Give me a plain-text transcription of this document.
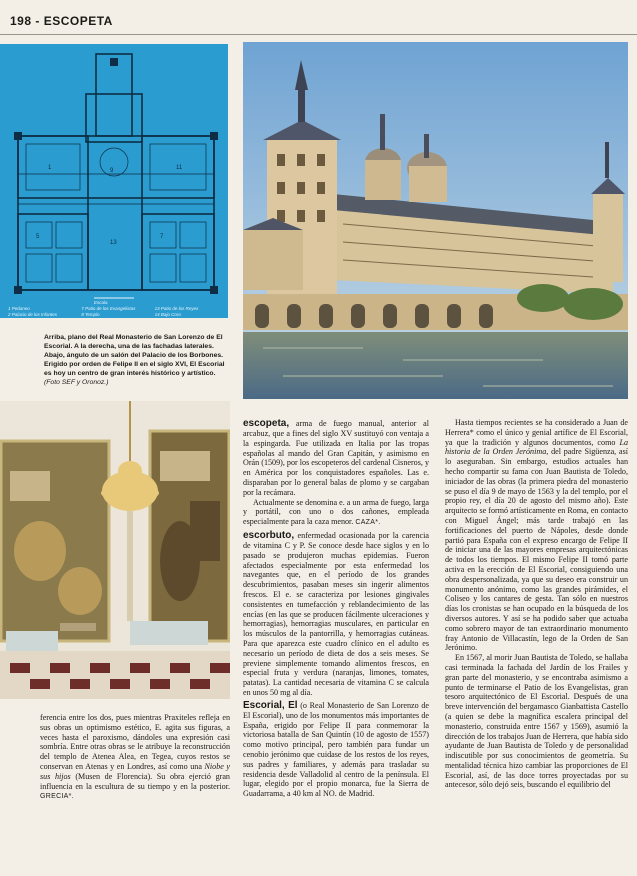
198 - ESCOPETA
9
1	11
13
5	7
Escala
1 Pedaneo
2 Palacio de los Infantes
7 Patio de los Evangelistas
8 Templo
13 Patio de los Reyes
14 Bajo Coro
Arriba, plano del Real Monasterio de San Lorenzo de El Escorial. A la derecha, una de las fachadas laterales. Abajo, ángulo de un salón del Palacio de los Borbones. Erigido por orden de Felipe II en el siglo XVI, El Escorial es hoy un centro de gran interés histórico y artístico. (Foto SEF y Oronoz.)

ferencia entre los dos, pues mientras Praxiteles refleja en sus obras un optimismo estético, E. agita sus figuras, a veces hasta el paroxismo, dándoles una expresión casi sombría. Entre otras obras se le atribuye la reconstrucción del templo de Atenea Alea, en Tegea, cuyos restos se conservan en Atenas y en Londres, así como una Niobe y sus hijos (Musen de Florencia). Su obra ejerció gran influencia en la escultura de su tiempo y en la posterior. GRECIA*.

escopeta, arma de fuego manual, anterior al arcabuz, que a fines del siglo XV sustituyó con ventaja a la espingarda. Fue utilizada en Italia por las tropas españolas al mando del Gran Capitán, y asimismo en Orán (1509), por los escopeteros del cardenal Cisneros, y en América por los conquistadores españoles. Las e. disparaban por lo general balas de plomo y se cargaban por la recámara.

Actualmente se denomina e. a un arma de fuego, larga y portátil, con uno o dos cañones, empleada especialmente para la caza menor. CAZA*.

escorbuto, enfermedad ocasionada por la carencia de vitamina C y P. Se conoce desde hace siglos y en lo pasado se produjeron muchas epidemias. Fueron afectados especialmente por esta enfermedad los navegantes que, en el período de los grandes descubrimientos, pasaban meses sin ingerir alimentos frescos. El e. se caracteriza por lesiones gingivales consistentes en tumefacción y reblandecimiento de las encías (en las que se producen fácilmente ulceraciones y hemorragias), hemorragias musculares, en particular en los músculos de la pantorrilla, y hemorragias cutáneas. Para que aparezca este cuadro clínico en el adulto es necesario un período de dieta de dos a seis meses. Se previene simplemente tomando alimentos frescos, en especial fruta y verdura (naranjas, limones, tomates, patatas). La cantidad necesaria de vitamina C se calcula en unos 50 mg al día.

Escorial, El (o Real Monasterio de San Lorenzo de El Escorial), uno de los monumentos más importantes de España, erigido por Felipe II para conmemorar la victoriosa batalla de San Quintín (10 de agosto de 1557) como motivo principal, pero también para fundar un cenobio jerónimo que cuidase de los restos de los reyes, sus padres y familiares, y además para trasladar su residencia desde Valladolid al centro de la península. El lugar, elegido por el propio monarca, fue la Sierra de Guadarrama, a 40 km al NO. de Madrid.

Hasta tiempos recientes se ha considerado a Juan de Herrera* como el único y genial artífice de El Escorial, ya que la tradición y algunos documentos, como La historia de la Orden Jerónima, del padre Sigüenza, así lo aseguraban. Sin embargo, estudios actuales han hecho compartir su fama con Juan Bautista de Toledo, iniciador de las obras (la primera piedra del monasterio se puso el día 9 de mayo de 1563 y la del templo, por el propio rey, el día 20 de agosto del mismo año). Este arquitecto se formó artísticamente en Roma, en contacto con Miguel Ángel; más tarde trabajó en las fortificaciones del puerto de Nápoles, desde donde partió para España con el expreso encargo de Felipe II de iniciar una de las mayores empresas arquitectónicas de todos los tiempos. El mismo Felipe II tomó parte activa en la erección de El Escorial, consiguiendo una obra despersonalizada, ya que su deseo era construir un monumento anónimo, como las grandes pirámides, el Coliseo y los cantares de gesta. Tan sólo en nuestros días los cronistas se han ocupado en la búsqueda de los diversos autores. Y así se ha podido saber que actuaba como sobrero mayor de tan extraordinario monumento fray Antonio de Villacastín, lego de la Orden de San Jerónimo.

En 1567, al morir Juan Bautista de Toledo, se hallaba casi terminada la fachada del Jardín de los Frailes y gran parte del monasterio, y se encontraba asimismo a punto de terminarse el Patio de los Evangelistas, gran tesoro arquitectónico de El Escorial. Después de una breve intervención del bergamasco Gianbattista Castello (a quien se debe la magnífica escalera principal del monasterio, construida entre 1567 y 1569), asumió la dirección de los trabajos Juan de Herrera, que había sido ayudante de Juan Bautista de Toledo y de personalidad indiscutible por sus conocimientos de geometría. Su mentalidad técnica hizo cambiar las proporciones de El Escorial, así, de las doce torres proyectadas por su antecesor, sólo dejó seis, buscando el equilibrio del
